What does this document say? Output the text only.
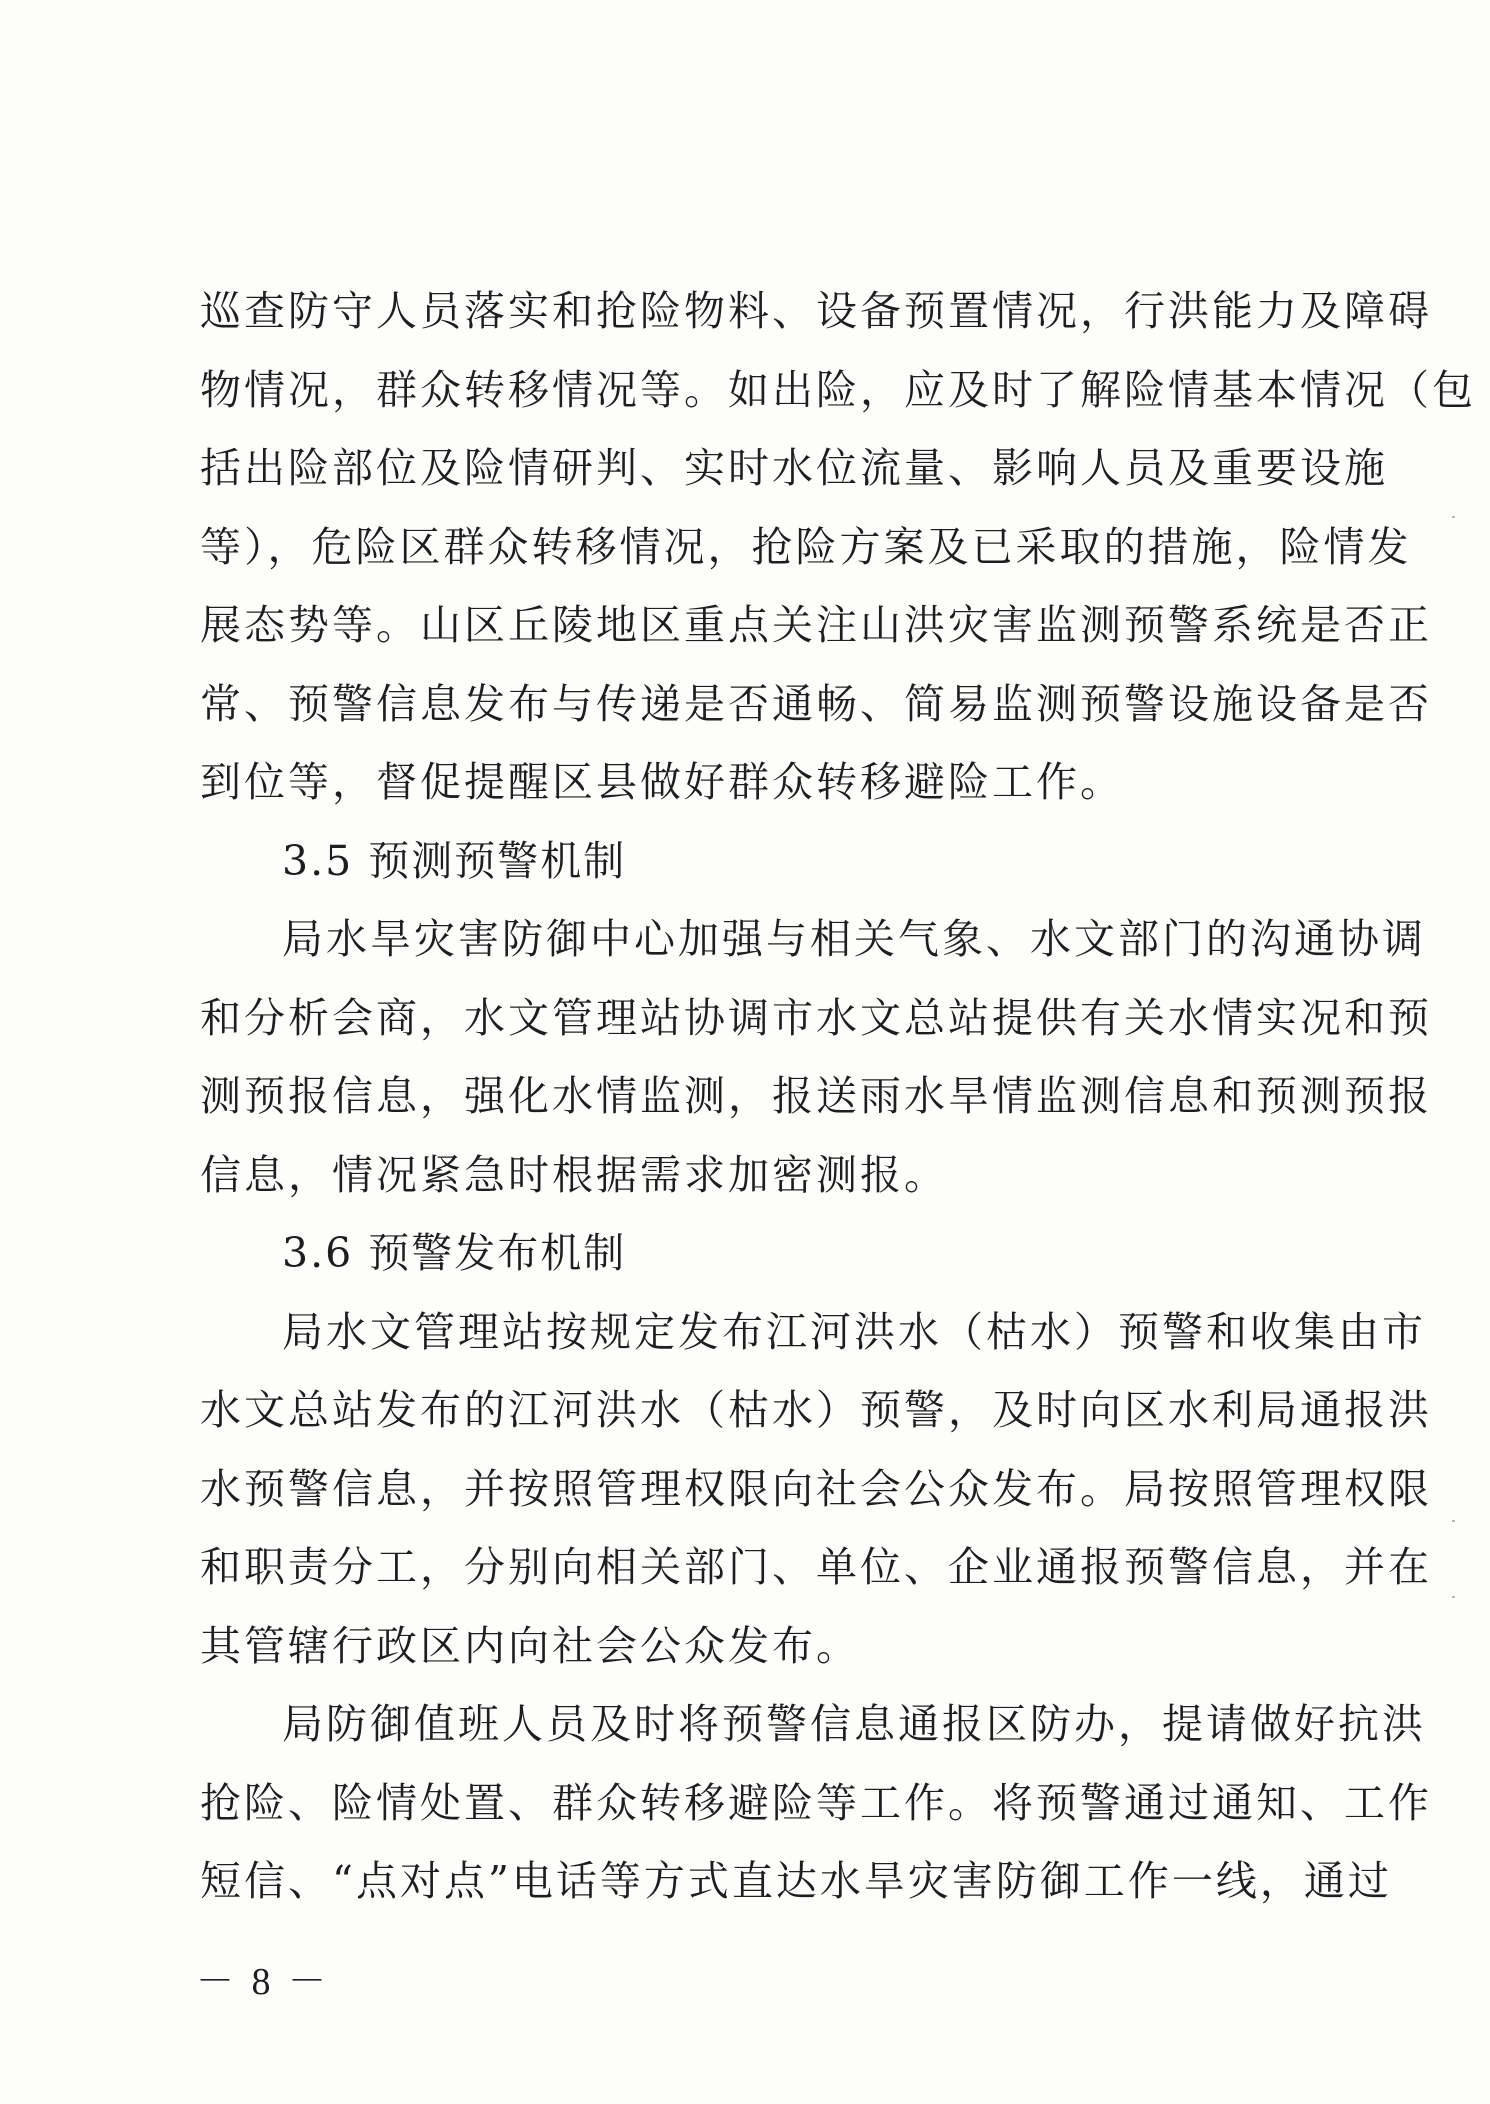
巡查防守人员落实和抢险物料、设备预置情况，行洪能力及障碍
物情况，群众转移情况等。如出险，应及时了解险情基本情况（包
括出险部位及险情研判、实时水位流量、影响人员及重要设施
等），危险区群众转移情况，抢险方案及已采取的措施，险情发
展态势等。山区丘陵地区重点关注山洪灾害监测预警系统是否正
常、预警信息发布与传递是否通畅、简易监测预警设施设备是否
到位等，督促提醒区县做好群众转移避险工作。
3.5 预测预警机制
局水旱灾害防御中心加强与相关气象、水文部门的沟通协调
和分析会商，水文管理站协调市水文总站提供有关水情实况和预
测预报信息，强化水情监测，报送雨水旱情监测信息和预测预报
信息，情况紧急时根据需求加密测报。
3.6 预警发布机制
局水文管理站按规定发布江河洪水（枯水）预警和收集由市
水文总站发布的江河洪水（枯水）预警，及时向区水利局通报洪
水预警信息，并按照管理权限向社会公众发布。局按照管理权限
和职责分工，分别向相关部门、单位、企业通报预警信息，并在
其管辖行政区内向社会公众发布。
局防御值班人员及时将预警信息通报区防办，提请做好抗洪
抢险、险情处置、群众转移避险等工作。将预警通过通知、工作
短信、“点对点”电话等方式直达水旱灾害防御工作一线，通过
－ 8 －
